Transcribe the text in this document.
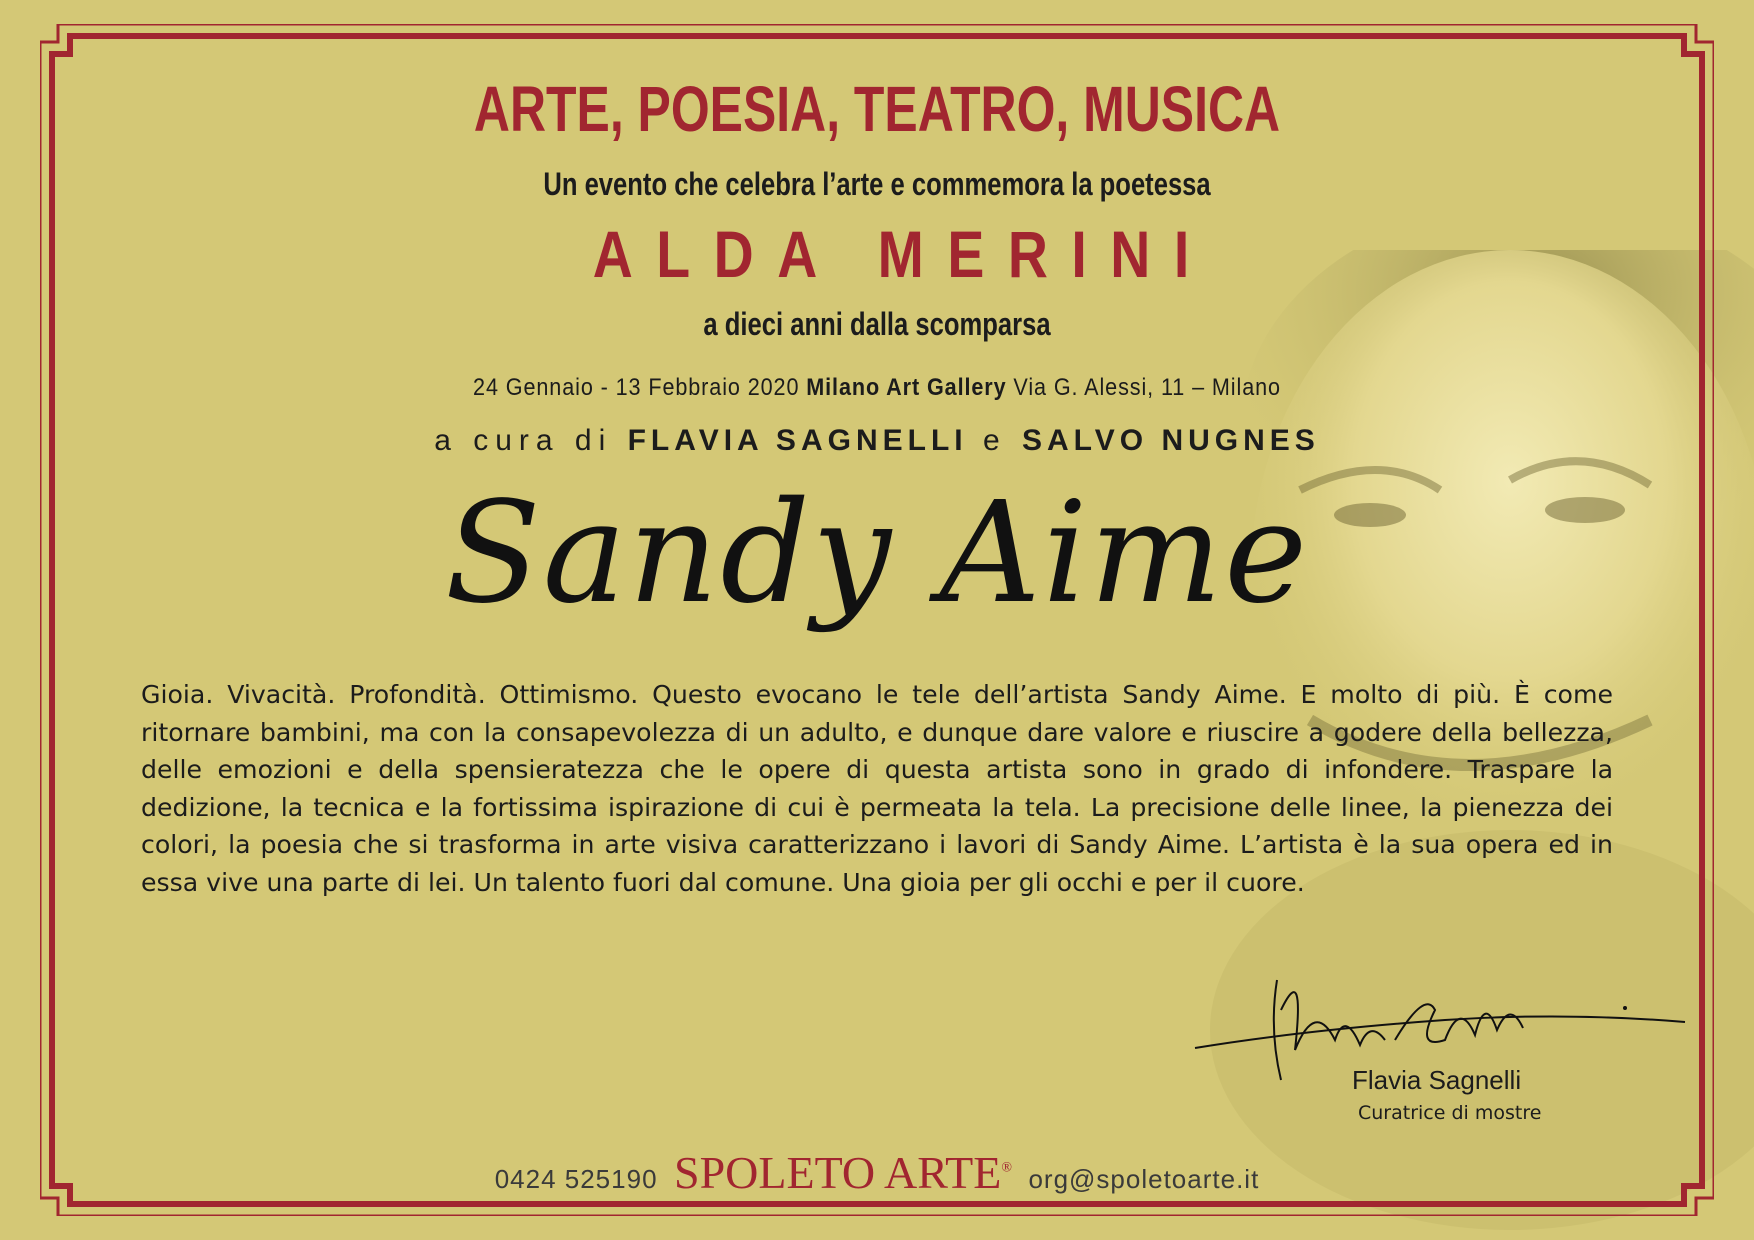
ARTE, POESIA, TEATRO, MUSICA
Un evento che celebra l’arte e commemora la poetessa
ALDA MERINI
a dieci anni dalla scomparsa
24 Gennaio - 13 Febbraio 2020 Milano Art Gallery Via G. Alessi, 11 – Milano
a cura di FLAVIA SAGNELLI e SALVO NUGNES
Sandy Aime
Gioia. Vivacità. Profondità. Ottimismo. Questo evocano le tele dell’artista Sandy Aime. E molto di più. È come ritornare bambini, ma con la consapevolezza di un adulto, e dunque dare valore e riuscire a godere della bellezza, delle emozioni e della spensieratezza che le opere di questa artista sono in grado di infondere. Traspare la dedizione, la tecnica e la fortissima ispirazione di cui è permeata la tela. La precisione delle linee, la pienezza dei colori, la poesia che si trasforma in arte visiva caratterizzano i lavori di Sandy Aime. L’artista è la sua opera ed in essa vive una parte di lei. Un talento fuori dal comune. Una gioia per gli occhi e per il cuore.
Flavia Sagnelli
Curatrice di mostre
0424 525190 SPOLETO ARTE® org@spoletoarte.it
